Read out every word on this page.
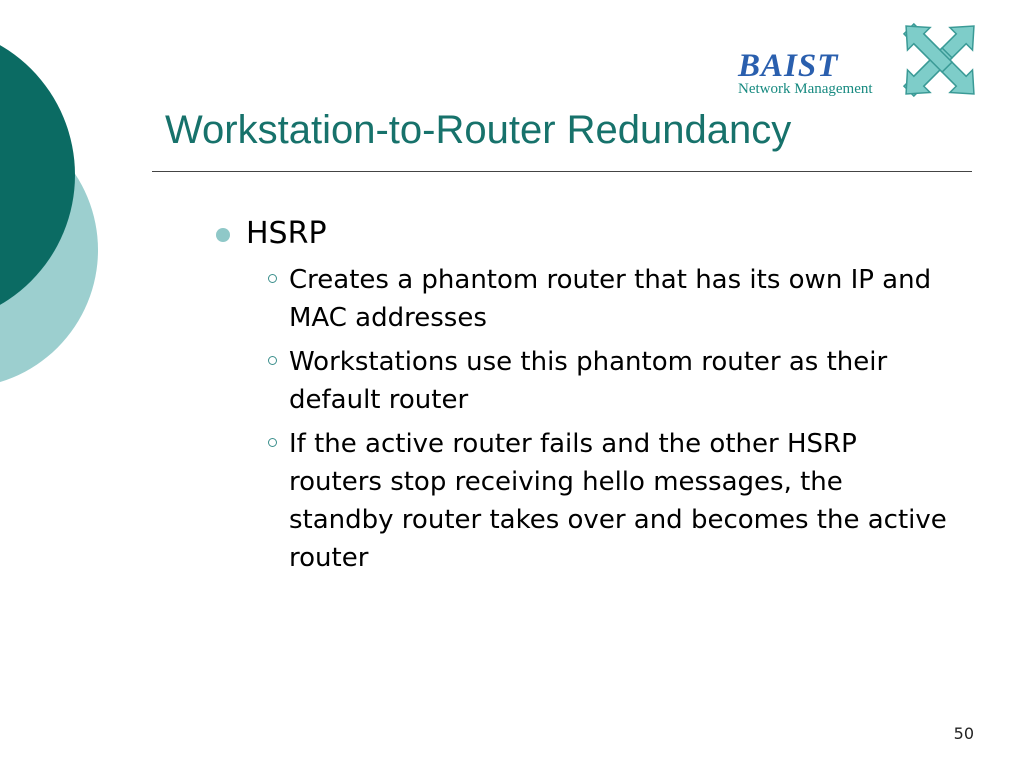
BAIST
Network Management
Workstation-to-Router Redundancy
HSRP
Creates a phantom router that has its own IP and MAC addresses
Workstations use this phantom router as their default router
If the active router fails and the other HSRP routers stop receiving hello messages, the standby router takes over and becomes the active router
50
